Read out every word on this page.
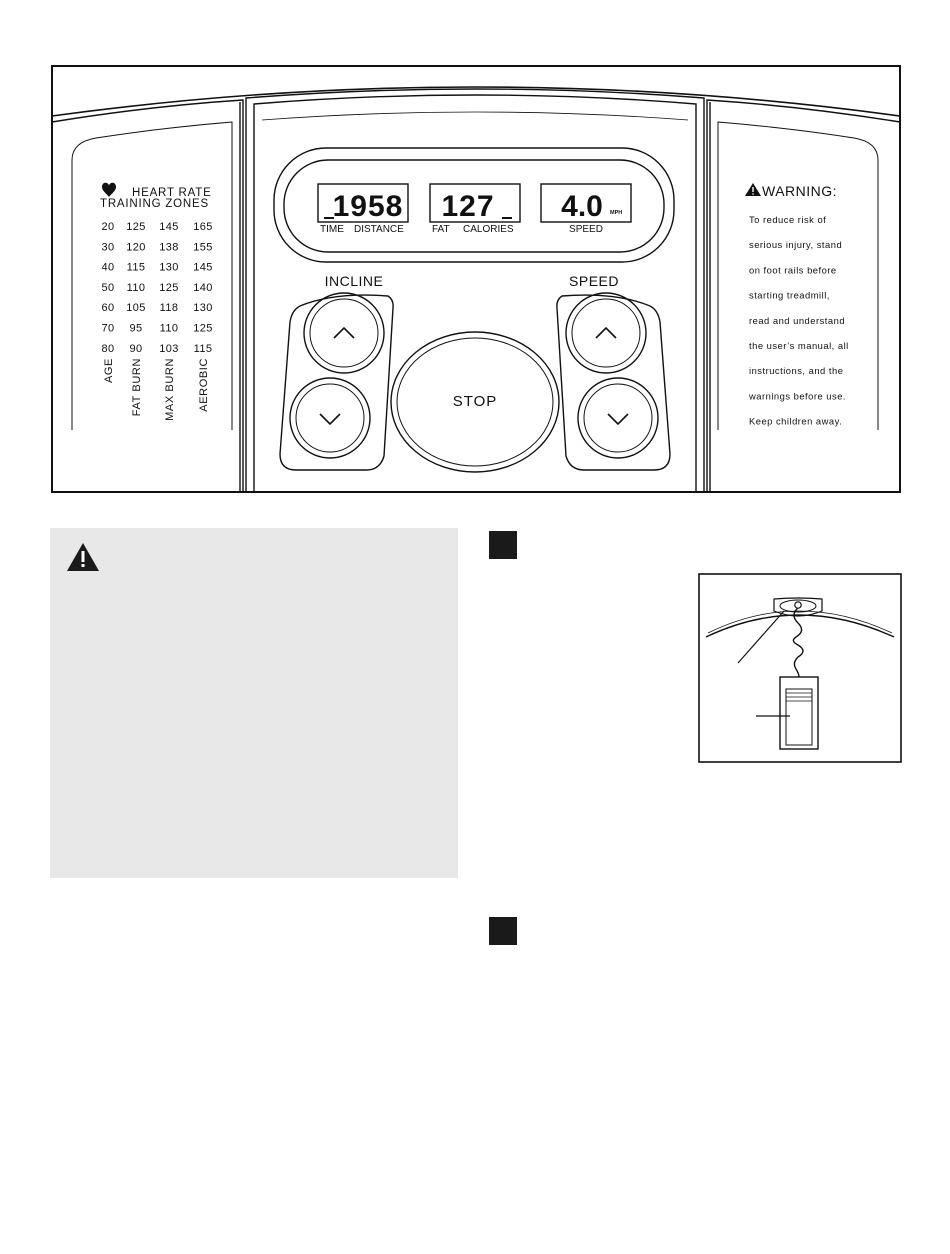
1958 127 4.0 MPH
TIME DISTANCE	FAT CALORIES	SPEED
INCLINE	SPEED
STOP
HEART RATE
TRAINING ZONES
20 125 145 165
30 120 138 155
40 115 130 145
50 110 125 140
60 105 118 130
70 95 110 125
80 90 103 115
AGE FAT BURN MAX BURN AEROBIC
WARNING:
To reduce risk of
serious injury, stand
on foot rails before
starting treadmill,
read and understand
the user’s manual, all
instructions, and the
warnings before use.
Keep children away.
